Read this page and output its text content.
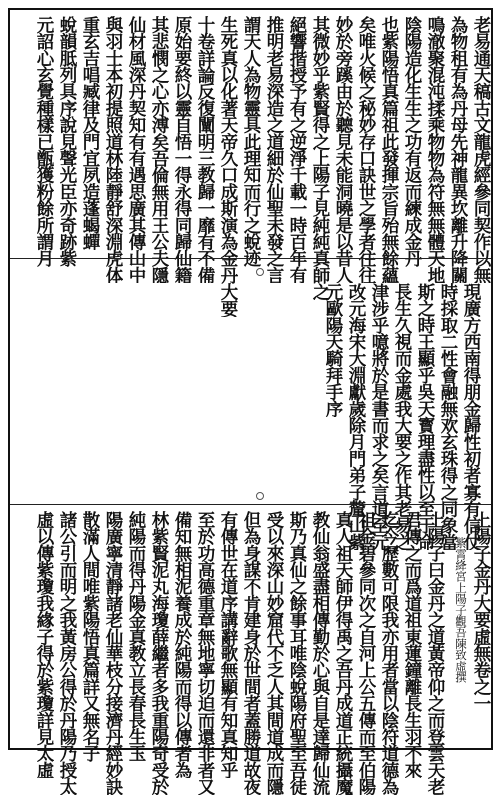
老易通天稿古文龍虎經參同契作以無
為物租有為丹母先神龍異坎離升降關
鳴澈聚混沌揉乘物物為符無無體天地
陰陽造化生生之功有返而練成金丹
也紫陽悟真篇祖此發揮宗旨殆無餘蘊
矣唯火候之秘妙存口訣世之學者往往
妙於旁蹊由於聽見未能洞曉是以昔人
其微妙乎紫賢得之上陽子見純純真師之
絕響揩授予有之逆淨千載一時百年有
推明老易深造之道細於仙聖未發之言
謂天人為物靈具此理知而行之蛻迹
生死真以化著天帝久口成斯演為金丹大要
十卷詳論反復闡明三教歸一靡有不備
原始要終以靈自悟一得永得同歸仙籍
其悲憫之心亦溥矣吾倫無用王公夫隱
仙材風深丹契知有有遇思廣其傳山中
與羽士本初提照道林陸靜舒深淵虎体
重玄吉唱臧律及門宜夙造蓬蝎蟬
蛻韻胝列具序說見聲光臣亦奇跡紫
元詔心玄覺種樣已甑獲粉餘所謂月
現廣方西南得朋金歸性初者寡有信仗
時採取二性會融無欢玄珠得之同象當
斯之時王顯乎吳天寳理盡性以至于命
長生久視而金處我大要之作其老易之
津涉乎噫將於是書而求之矣言道至元
改元海宋大淵獻歲除月門弟子釐山紫
元歐陽天騎拜手序
上陽子金丹大要虛無卷之一
紫霄絳宮上陽子觀吾陳致虛撰
上陽子曰金丹之道黃帝仰之而登雲天老
君傳之而爲道祖東蓮鐘離長生羽不來
迄今歷數可限我亦用者當以陰符道德為
祖金碧參同次之自河上公五傳而至伯陽
真人祖天師伊得禹之吾丹成道正統攝魔
教仙翁盛盡相傳勤於心與自是達歸仙流
斯乃真仙之餘事耳唯陰蛻陽府聖至吾徒
受以來深山妙窟代不乏人其間道成而隱
但為身謀不肯建身於世間者蓋勝道故夜
有傳世在道序講辭歌無顯有知真知乎
至於功高德重章無地寧切迫而還非者又
備知無相泥養成於純陽而得以傳者為
林紫賢泥丸海瓊薛繼者多我重陽奇受於
純陽而得丹陽金真教立長春長生玉
陽廣寧清靜諸老仙華枝分接濟丹經妙訣
散滿人間唯紫陽悟真篇詳又無名子
諸公引而明之我黃房公得於丹陽乃授太
虛以傳紫瓊我緣子得於紫瓊詳見太虛
